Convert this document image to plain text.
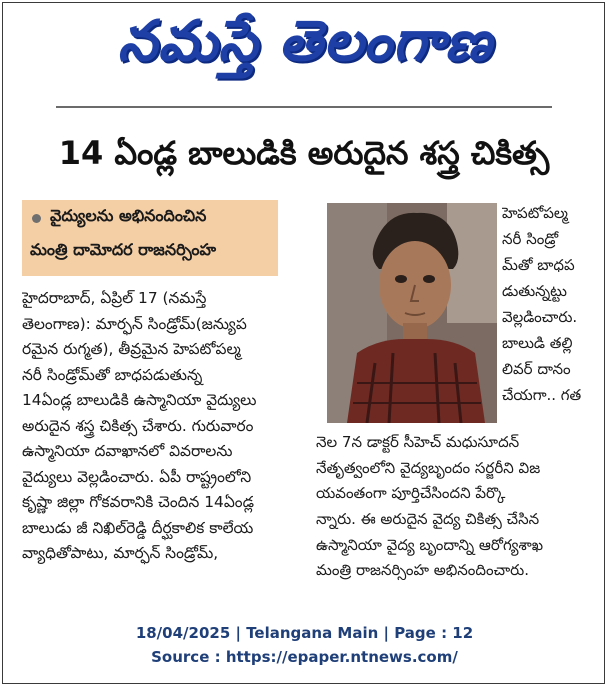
నమస్తే తెలంగాణ
14 ఏండ్ల బాలుడికి అరుదైన శస్త్ర చికిత్స
వైద్యులను అభినందించిన
మంత్రి దామోదర రాజనర్సింహ
హైదరాబాద్, ఏప్రిల్ 17 (నమస్తే
తెలంగాణ): మార్ఫన్ సిండ్రోమ్(జన్యుప
రమైన రుగ్మత), తీవ్రమైన హెపటోపల్మ
నరీ సిండ్రోమ్‌తో బాధపడుతున్న
14ఏండ్ల బాలుడికి ఉస్మానియా వైద్యులు
అరుదైన శస్త్ర చికిత్స చేశారు. గురువారం
ఉస్మానియా దవాఖానలో వివరాలను
వైద్యులు వెల్లడించారు. ఏపీ రాష్ట్రంలోని
కృష్ణా జిల్లా గోకవరానికి చెందిన 14ఏండ్ల
బాలుడు జీ నిఖిల్‌రెడ్డి దీర్ఘకాలిక కాలేయ
వ్యాధితోపాటు, మార్ఫన్ సిండ్రోమ్,
హెపటోపల్మ
నరీ సిండ్రో
మ్‌తో బాధప
డుతున్నట్టు
వెల్లడించారు.
బాలుడి తల్లి
లివర్ దానం
చేయగా.. గత
నెల 7న డాక్టర్ సీహెచ్ మధుసూదన్
నేతృత్వంలోని వైద్యబృందం సర్జరీని విజ
యవంతంగా పూర్తిచేసిందని పేర్కొ
న్నారు. ఈ అరుదైన వైద్య చికిత్స చేసిన
ఉస్మానియా వైద్య బృందాన్ని ఆరోగ్యశాఖ
మంత్రి రాజనర్సింహ అభినందించారు.
18/04/2025 | Telangana Main | Page : 12
Source : https://epaper.ntnews.com/
